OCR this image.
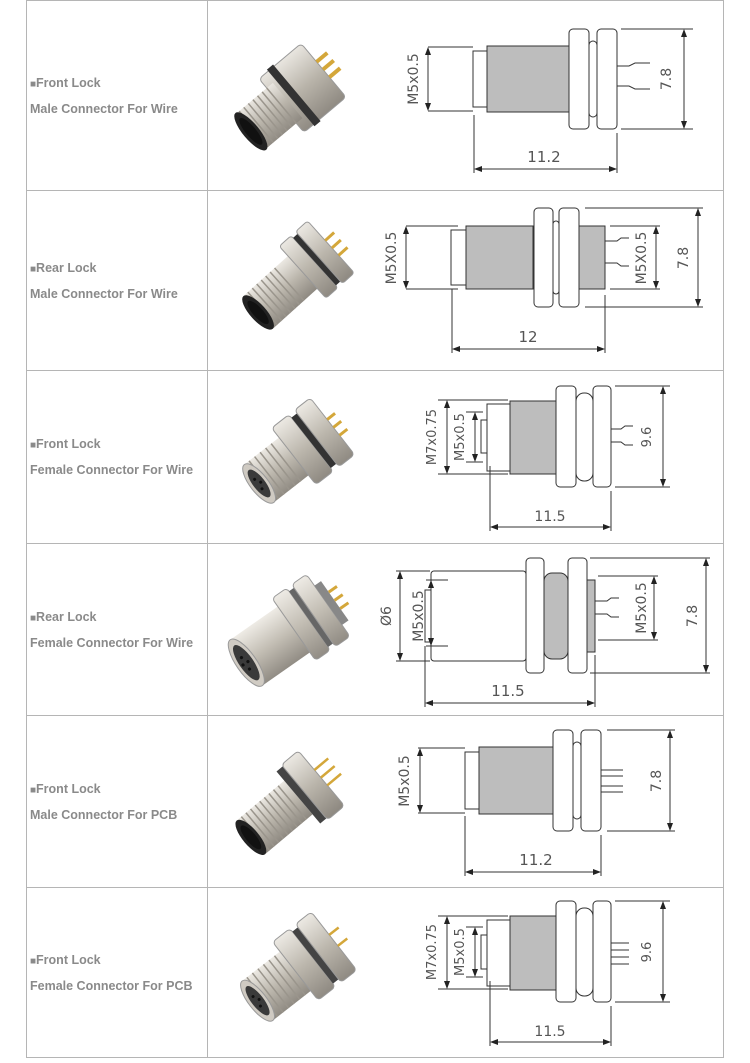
■Front Lock
Male Connector For Wire
M5x0.5	7.8
11.2
■Rear Lock
Male Connector For Wire
M5X0.5	M5X0.5 7.8
12
■Front Lock
Female Connector For Wire
M7x0.75 M5x0.5	9.6
11.5
■Rear Lock
Female Connector For Wire
Ø6 M5x0.5	M5x0.5	7.8
11.5
■Front Lock
Male Connector For PCB
M5x0.5	7.8
11.2
■Front Lock
Female Connector For PCB
M7x0.75 M5x0.5	9.6
11.5
